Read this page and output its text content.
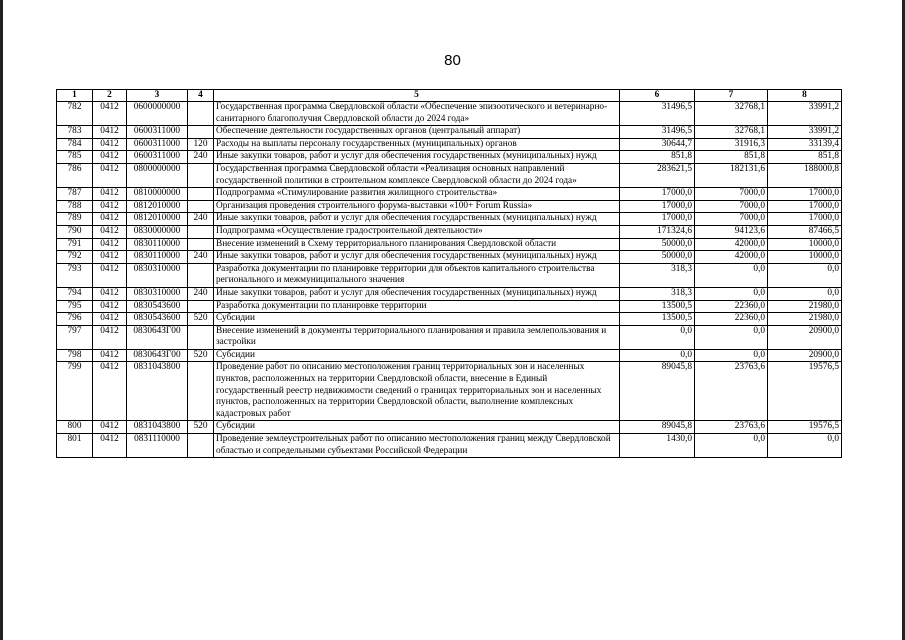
80
1	2	3	4	5	6	7	8
782	0412	0600000000		Государственная программа Свердловской области «Обеспечение эпизоотического и ветеринарно-санитарного благополучия Свердловской области до 2024 года»	31496,5	32768,1	33991,2
783	0412	0600311000		Обеспечение деятельности государственных органов (центральный аппарат)	31496,5	32768,1	33991,2
784	0412	0600311000	120	Расходы на выплаты персоналу государственных (муниципальных) органов	30644,7	31916,3	33139,4
785	0412	0600311000	240	Иные закупки товаров, работ и услуг для обеспечения государственных (муниципальных) нужд	851,8	851,8	851,8
786	0412	0800000000		Государственная программа Свердловской области «Реализация основных направлений государственной политики в строительном комплексе Свердловской области до 2024 года»	283621,5	182131,6	188000,8
787	0412	0810000000		Подпрограмма «Стимулирование развития жилищного строительства»	17000,0	7000,0	17000,0
788	0412	0812010000		Организация проведения строительного форума-выставки «100+ Forum Russia»	17000,0	7000,0	17000,0
789	0412	0812010000	240	Иные закупки товаров, работ и услуг для обеспечения государственных (муниципальных) нужд	17000,0	7000,0	17000,0
790	0412	0830000000		Подпрограмма «Осуществление градостроительной деятельности»	171324,6	94123,6	87466,5
791	0412	0830110000		Внесение изменений в Схему территориального планирования Свердловской области	50000,0	42000,0	10000,0
792	0412	0830110000	240	Иные закупки товаров, работ и услуг для обеспечения государственных (муниципальных) нужд	50000,0	42000,0	10000,0
793	0412	0830310000		Разработка документации по планировке территории для объектов капитального строительства регионального и межмуниципального значения	318,3	0,0	0,0
794	0412	0830310000	240	Иные закупки товаров, работ и услуг для обеспечения государственных (муниципальных) нужд	318,3	0,0	0,0
795	0412	0830543600		Разработка документации по планировке территории	13500,5	22360,0	21980,0
796	0412	0830543600	520	Субсидии	13500,5	22360,0	21980,0
797	0412	083064ЗГ00		Внесение изменений в документы территориального планирования и правила землепользования и застройки	0,0	0,0	20900,0
798	0412	083064ЗГ00	520	Субсидии	0,0	0,0	20900,0
799	0412	0831043800		Проведение работ по описанию местоположения границ территориальных зон и населенных пунктов, расположенных на территории Свердловской области, внесение в Единый государственный реестр недвижимости сведений о границах территориальных зон и населенных пунктов, расположенных на территории Свердловской области, выполнение комплексных кадастровых работ	89045,8	23763,6	19576,5
800	0412	0831043800	520	Субсидии	89045,8	23763,6	19576,5
801	0412	0831110000		Проведение землеустроительных работ по описанию местоположения границ между Свердловской областью и сопредельными субъектами Российской Федерации	1430,0	0,0	0,0
